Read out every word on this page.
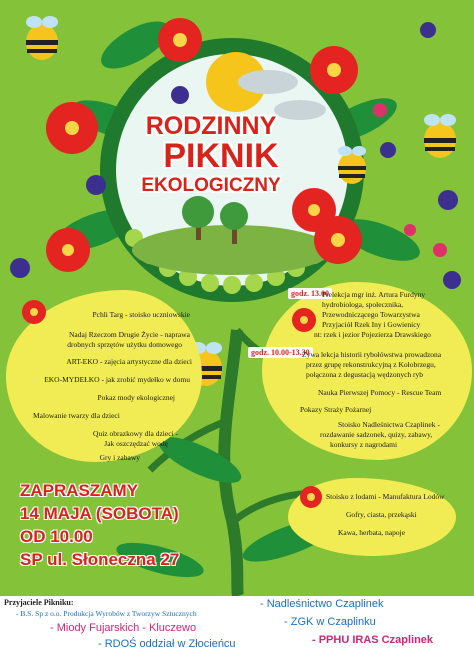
RODZINNY
PIKNIK
EKOLOGICZNY
Pchli Targ - stoisko uczniowskie
Nadaj Rzeczom Drugie Życie - naprawa
drobnych sprzętów użytku domowego
ART-EKO - zajęcia artystyczne dla dzieci
EKO-MYDEŁKO - jak zrobić mydełko w domu
Pokaz mody ekologicznej
Malowanie twarzy dla dzieci
Quiz obrazkowy dla dzieci -
Jak oszczędzać wodę
Gry i zabawy
godz. 13.00
Prelekcja mgr inż. Arturа Furdyny
hydrobiologa, społecznika,
Przewodniczącego Towarzystwa
Przyjaciół Rzek Iny i Gowienicy
nt: rzek i jezior Pojezierza Drawskiego
godz. 10.00-13.30
Żywa lekcja historii rybołówstwa prowadzona
przez grupę rekonstrukcyjną z Kołobrzegu,
połączona z degustacją wędzonych ryb
Nauka Pierwszej Pomocy - Rescue Team
Pokazy Straży Pożarnej
Stoisko Nadleśnictwa Czaplinek -
rozdawanie sadzonek, quizy, zabawy,
konkursy z nagrodami
Stoisko z lodami - Manufaktura Lodów
Gofry, ciasta, przekąski
Kawa, herbata, napoje
ZAPRASZAMY
14 MAJA (SOBOTA)
OD 10.00
SP ul. Słoneczna 27
Przyjaciele Pikniku:
- B.S. Sp z o.o. Produkcja Wyrobów z Tworzyw Sztucznych
- Miody Fujarskich - Kluczewo
- RDOŚ oddział w Złocieńcu
- Nadleśnictwo Czaplinek
- ZGK w Czaplinku
- PPHU IRAS Czaplinek
